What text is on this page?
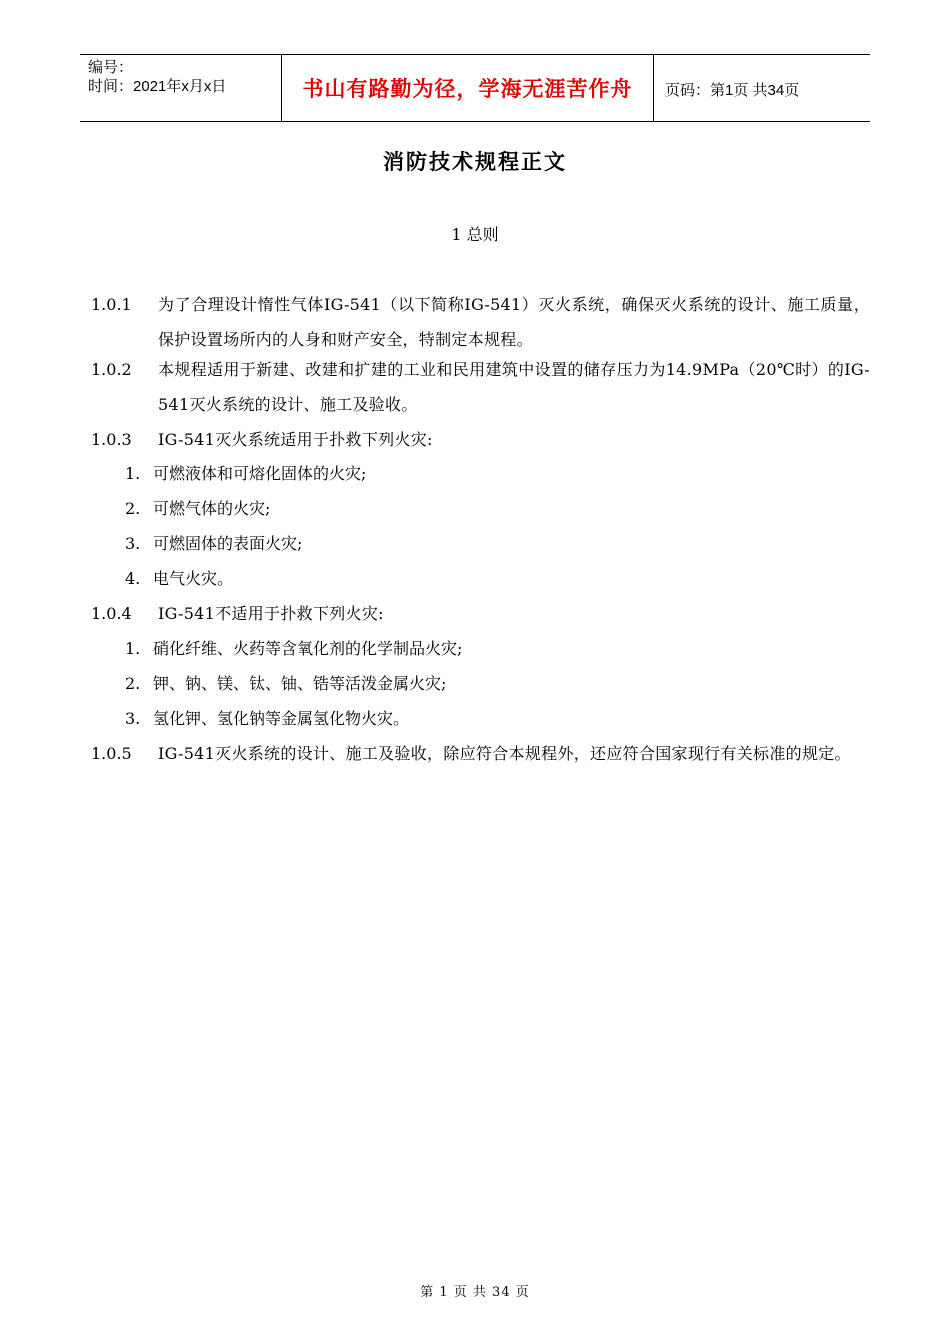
编号：
时间：2021年x月x日	书山有路勤为径，学海无涯苦作舟	页码：第1页 共34页
消防技术规程正文
1 总则
1.0.1	为了合理设计惰性气体IG-541（以下简称IG-541）灭火系统，确保灭火系统的设计、施工质量，保护设置场所内的人身和财产安全，特制定本规程。
1.0.2	本规程适用于新建、改建和扩建的工业和民用建筑中设置的储存压力为14.9MPa（20℃时）的IG-541灭火系统的设计、施工及验收。
1.0.3	IG-541灭火系统适用于扑救下列火灾:
1. 可燃液体和可熔化固体的火灾;
2. 可燃气体的火灾;
3. 可燃固体的表面火灾;
4. 电气火灾。
1.0.4	IG-541不适用于扑救下列火灾:
1. 硝化纤维、火药等含氧化剂的化学制品火灾;
2. 钾、钠、镁、钛、铀、锆等活泼金属火灾;
3. 氢化钾、氢化钠等金属氢化物火灾。
1.0.5	IG-541灭火系统的设计、施工及验收，除应符合本规程外，还应符合国家现行有关标准的规定。
第 1 页 共 34 页
